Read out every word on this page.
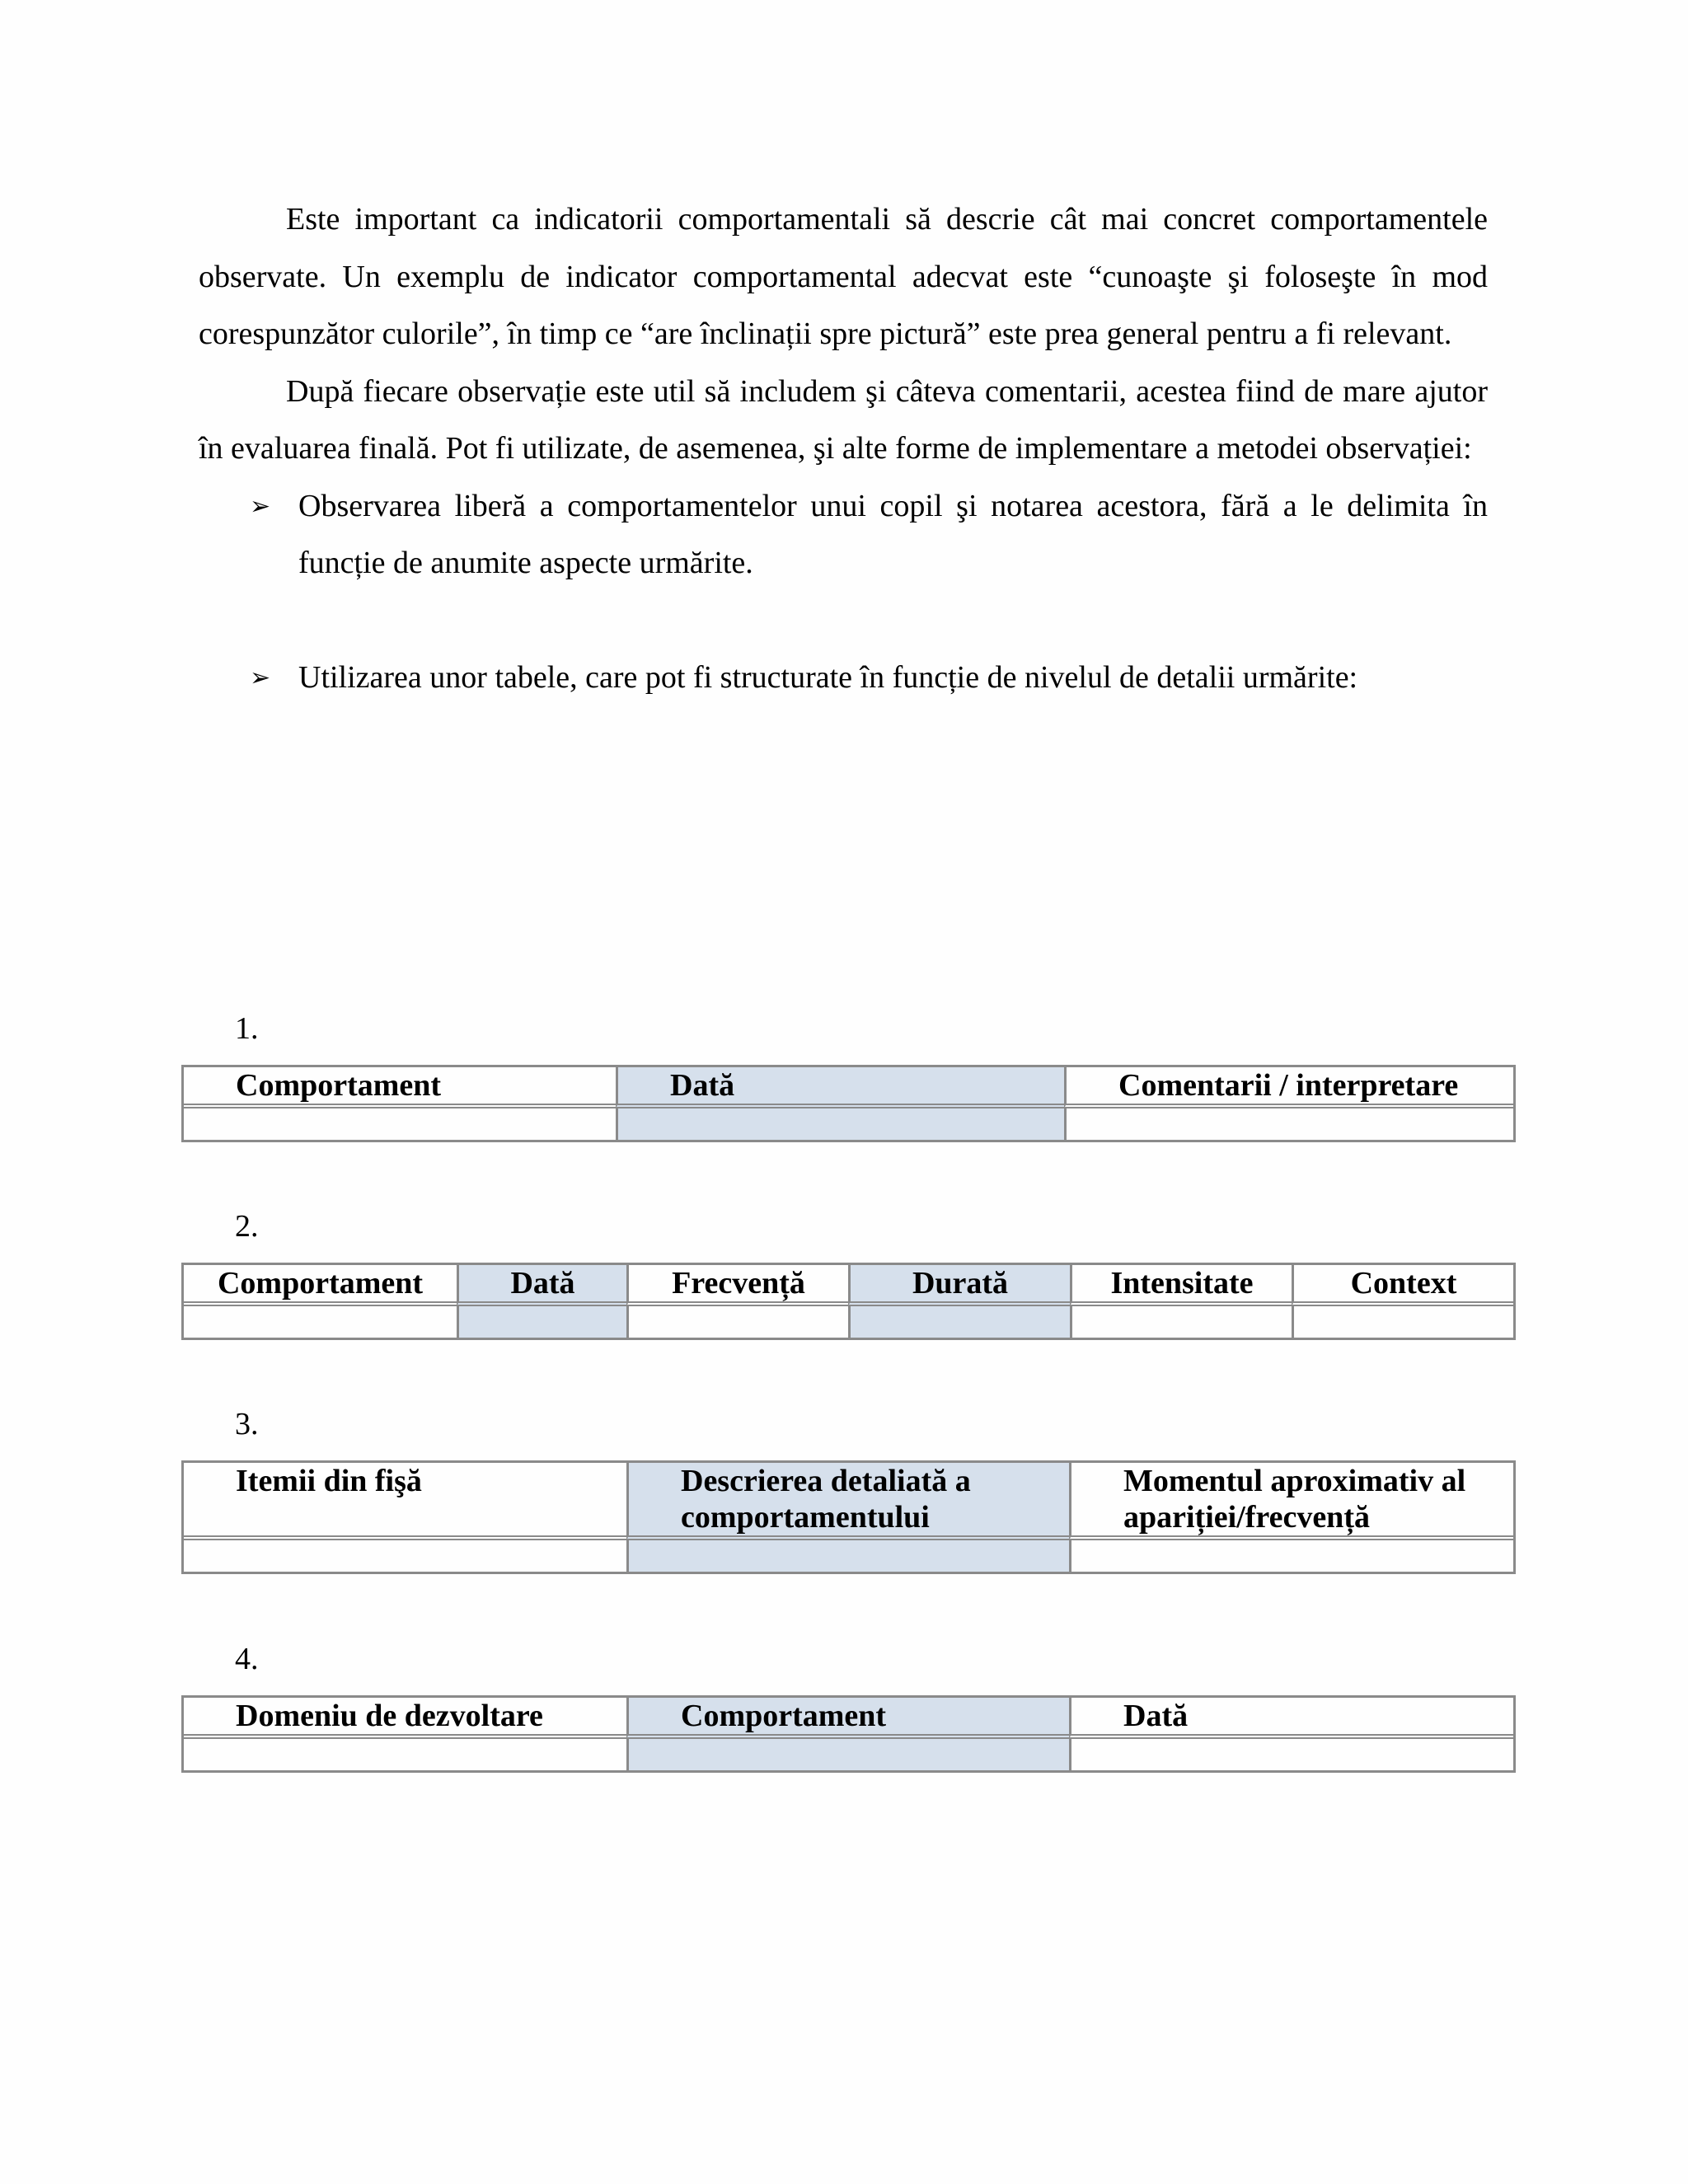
Este important ca indicatorii comportamentali să descrie cât mai concret comportamentele observate. Un exemplu de indicator comportamental adecvat este “cunoaşte şi foloseşte în mod corespunzător culorile”, în timp ce “are înclinații spre pictură” este prea general pentru a fi relevant.

După fiecare observație este util să includem şi câteva comentarii, acestea fiind de mare ajutor în evaluarea finală. Pot fi utilizate, de asemenea, şi alte forme de implementare a metodei observației:

➢ Observarea liberă a comportamentelor unui copil şi notarea acestora, fără a le delimita în funcție de anumite aspecte urmărite.

➢ Utilizarea unor tabele, care pot fi structurate în funcție de nivelul de detalii urmărite:

1.
Comportament	Dată	Comentarii / interpretare

2.
Comportament	Dată	Frecvență	Durată	Intensitate	Context

3.
Itemii din fişă	Descrierea detaliată a comportamentului	Momentul aproximativ al apariției/frecvență

4.
Domeniu de dezvoltare	Comportament	Dată
